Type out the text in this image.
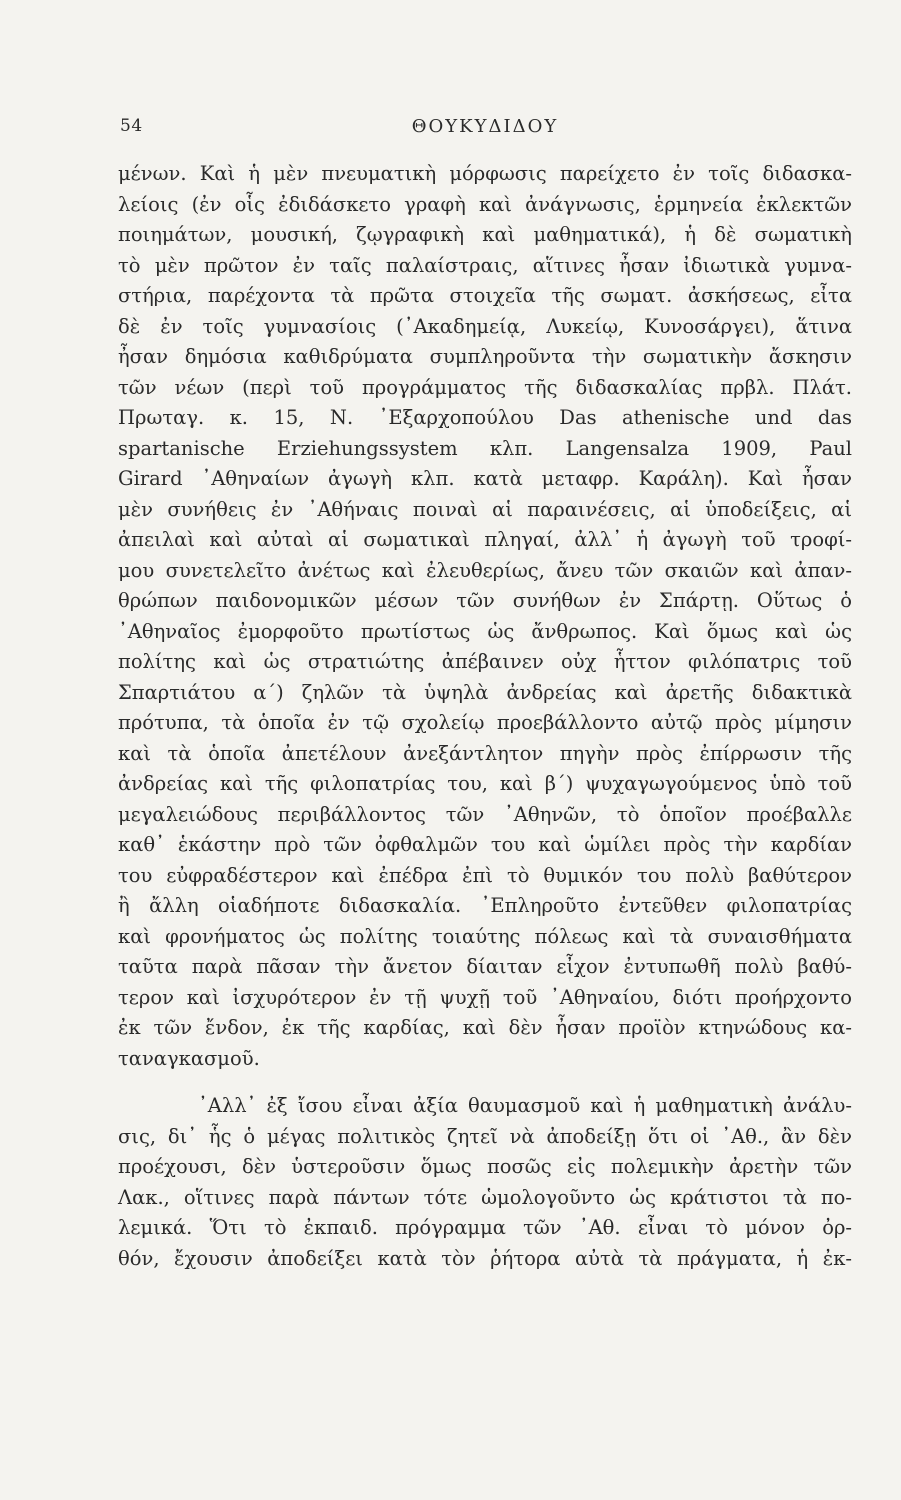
54	ΘΟΥΚΥΔΙΔΟΥ
μένων. Καὶ ἡ μὲν πνευματικὴ μόρφωσις παρείχετο ἐν τοῖς διδασκα-
λείοις (ἐν οἷς ἐδιδάσκετο γραφὴ καὶ ἀνάγνωσις, ἑρμηνεία ἐκλεκτῶν
ποιημάτων, μουσική, ζῳγραφικὴ καὶ μαθηματικά), ἡ δὲ σωματικὴ
τὸ μὲν πρῶτον ἐν ταῖς παλαίστραις, αἵτινες ἦσαν ἰδιωτικὰ γυμνα-
στήρια, παρέχοντα τὰ πρῶτα στοιχεῖα τῆς σωματ. ἀσκήσεως, εἶτα
δὲ ἐν τοῖς γυμνασίοις (᾿Ακαδημείᾳ, Λυκείῳ, Κυνοσάργει), ἅτινα
ἦσαν δημόσια καθιδρύματα συμπληροῦντα τὴν σωματικὴν ἄσκησιν
τῶν νέων (περὶ τοῦ προγράμματος τῆς διδασκαλίας πρβλ. Πλάτ.
Πρωταγ. κ. 15, Ν. ᾿Εξαρχοπούλου Das athenische und das
spartanische Erziehungssystem κλπ. Langensalza 1909, Paul
Girard ᾿Αθηναίων ἀγωγὴ κλπ. κατὰ μεταφρ. Καράλη). Καὶ ἦσαν
μὲν συνήθεις ἐν ᾿Αθήναις ποιναὶ αἱ παραινέσεις, αἱ ὑποδείξεις, αἱ
ἀπειλαὶ καὶ αὐταὶ αἱ σωματικαὶ πληγαί, ἀλλ᾿ ἡ ἀγωγὴ τοῦ τροφί-
μου συνετελεῖτο ἀνέτως καὶ ἐλευθερίως, ἄνευ τῶν σκαιῶν καὶ ἀπαν-
θρώπων παιδονομικῶν μέσων τῶν συνήθων ἐν Σπάρτῃ. Οὕτως ὁ
᾿Αθηναῖος ἐμορφοῦτο πρωτίστως ὡς ἄνθρωπος. Καὶ ὅμως καὶ ὡς
πολίτης καὶ ὡς στρατιώτης ἀπέβαινεν οὐχ ἧττον φιλόπατρις τοῦ
Σπαρτιάτου α΄) ζηλῶν τὰ ὑψηλὰ ἀνδρείας καὶ ἀρετῆς διδακτικὰ
πρότυπα, τὰ ὁποῖα ἐν τῷ σχολείῳ προεβάλλοντο αὐτῷ πρὸς μίμησιν
καὶ τὰ ὁποῖα ἀπετέλουν ἀνεξάντλητον πηγὴν πρὸς ἐπίρρωσιν τῆς
ἀνδρείας καὶ τῆς φιλοπατρίας του, καὶ β΄) ψυχαγωγούμενος ὑπὸ τοῦ
μεγαλειώδους περιβάλλοντος τῶν ᾿Αθηνῶν, τὸ ὁποῖον προέβαλλε
καθ᾿ ἑκάστην πρὸ τῶν ὀφθαλμῶν του καὶ ὡμίλει πρὸς τὴν καρδίαν
του εὐφραδέστερον καὶ ἐπέδρα ἐπὶ τὸ θυμικόν του πολὺ βαθύτερον
ἢ ἄλλη οἱαδήποτε διδασκαλία. ᾿Επληροῦτο ἐντεῦθεν φιλοπατρίας
καὶ φρονήματος ὡς πολίτης τοιαύτης πόλεως καὶ τὰ συναισθήματα
ταῦτα παρὰ πᾶσαν τὴν ἄνετον δίαιταν εἶχον ἐντυπωθῆ πολὺ βαθύ-
τερον καὶ ἰσχυρότερον ἐν τῇ ψυχῇ τοῦ ᾿Αθηναίου, διότι προήρχοντο
ἐκ τῶν ἔνδον, ἐκ τῆς καρδίας, καὶ δὲν ἦσαν προϊὸν κτηνώδους κα-
ταναγκασμοῦ.
᾿Αλλ᾿ ἐξ ἴσου εἶναι ἀξία θαυμασμοῦ καὶ ἡ μαθηματικὴ ἀνάλυ-
σις, δι᾿ ἧς ὁ μέγας πολιτικὸς ζητεῖ νὰ ἀποδείξῃ ὅτι οἱ ᾿Αθ., ἂν δὲν
προέχουσι, δὲν ὑστεροῦσιν ὅμως ποσῶς εἰς πολεμικὴν ἀρετὴν τῶν
Λακ., οἵτινες παρὰ πάντων τότε ὡμολογοῦντο ὡς κράτιστοι τὰ πο-
λεμικά. Ὅτι τὸ ἐκπαιδ. πρόγραμμα τῶν ᾿Αθ. εἶναι τὸ μόνον ὀρ-
θόν, ἔχουσιν ἀποδείξει κατὰ τὸν ῥήτορα αὐτὰ τὰ πράγματα, ἡ ἐκ-
